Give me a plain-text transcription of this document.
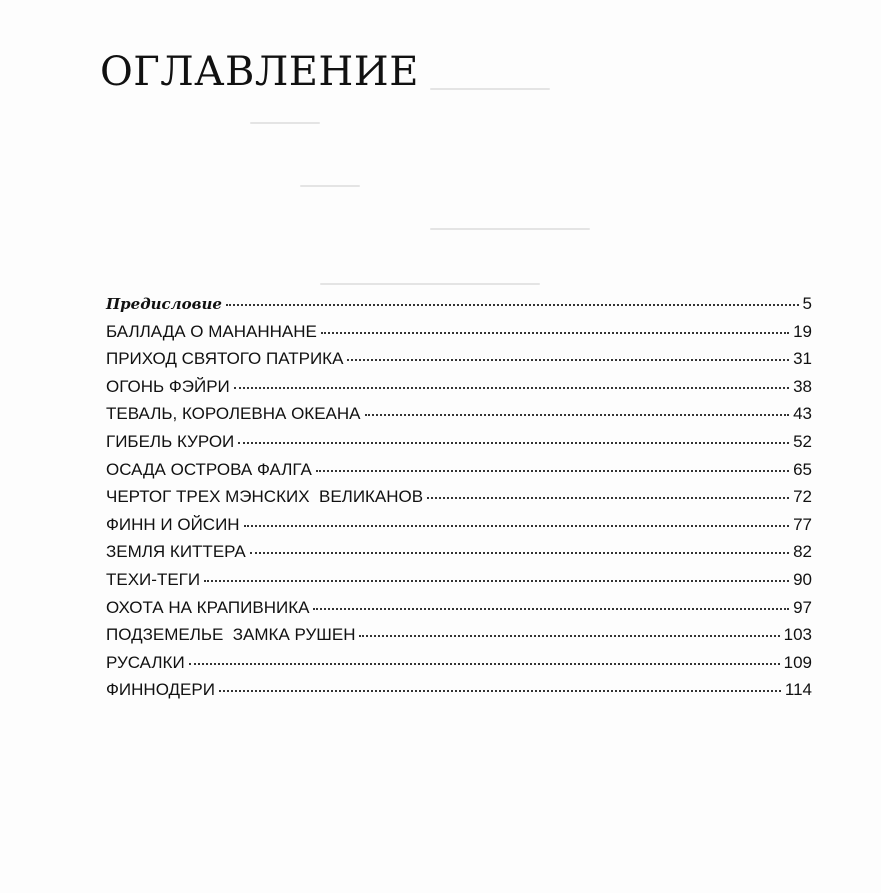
ОГЛАВЛЕНИЕ
Предисловие	5
БАЛЛАДА О МАНАННАНЕ	19
ПРИХОД СВЯТОГО ПАТРИКА	31
ОГОНЬ ФЭЙРИ	38
ТЕВАЛЬ, КОРОЛЕВНА ОКЕАНА	43
ГИБЕЛЬ КУРОИ	52
ОСАДА ОСТРОВА ФАЛГА	65
ЧЕРТОГ ТРЕХ МЭНСКИХ  ВЕЛИКАНОВ	72
ФИНН И ОЙСИН	77
ЗЕМЛЯ КИТТЕРА	82
ТЕХИ-ТЕГИ	90
ОХОТА НА КРАПИВНИКА	97
ПОДЗЕМЕЛЬЕ  ЗАМКА РУШЕН	103
РУСАЛКИ	109
ФИННОДЕРИ	114
